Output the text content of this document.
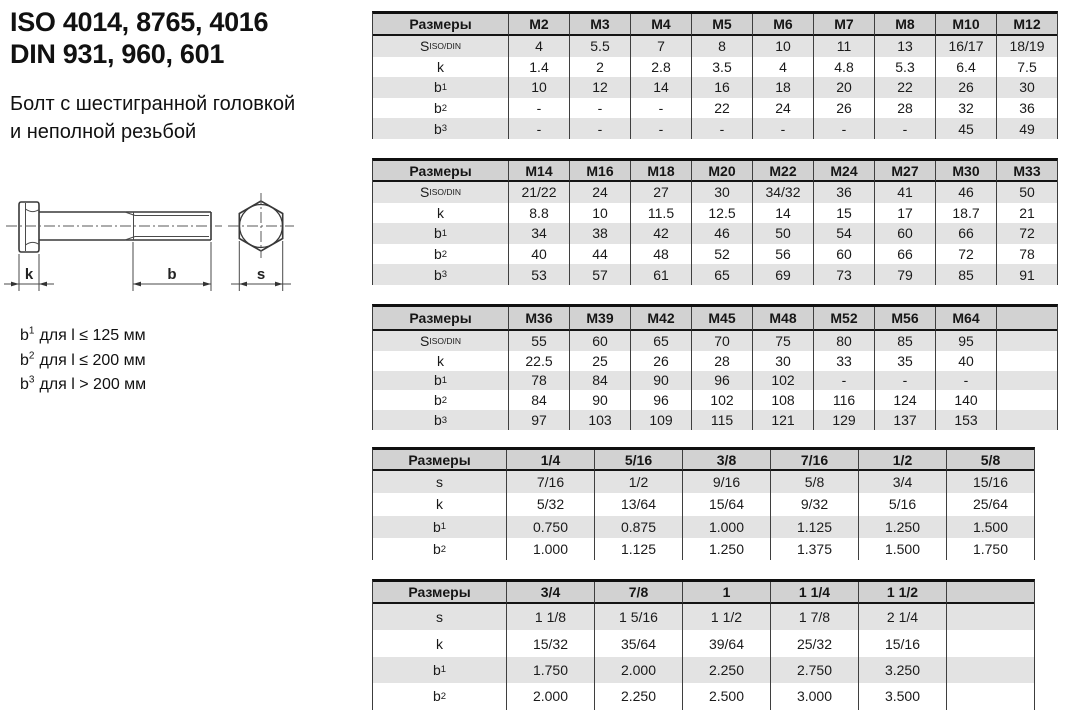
ISO 4014, 8765, 4016
DIN 931, 960, 601
Болт с шестигранной головкой
и неполной резьбой
k	b	s
$b^1$ для l ≤ 125 мм
$b^2$ для l ≤ 200 мм
$b^3$ для l > 200 мм
Размеры	M2	M3	M4	M5	M6	M7	M8	M10	M12
S ISO/DIN	4	5.5	7	8	10	11	13	16/17	18/19
k	1.4	2	2.8	3.5	4	4.8	5.3	6.4	7.5
b 1	10	12	14	16	18	20	22	26	30
b 2	-	-	-	22	24	26	28	32	36
b 3	-	-	-	-	-	-	-	45	49
Размеры	M14	M16	M18	M20	M22	M24	M27	M30	M33
S ISO/DIN	21/22	24	27	30	34/32	36	41	46	50
k	8.8	10	11.5	12.5	14	15	17	18.7	21
b 1	34	38	42	46	50	54	60	66	72
b 2	40	44	48	52	56	60	66	72	78
b 3	53	57	61	65	69	73	79	85	91
Размеры	M36	M39	M42	M45	M48	M52	M56	M64
S ISO/DIN	55	60	65	70	75	80	85	95
k	22.5	25	26	28	30	33	35	40
b 1	78	84	90	96	102	-	-	-
b 2	84	90	96	102	108	116	124	140
b 3	97	103	109	115	121	129	137	153
Размеры	1/4	5/16	3/8	7/16	1/2	5/8
s	7/16	1/2	9/16	5/8	3/4	15/16
k	5/32	13/64	15/64	9/32	5/16	25/64
b 1	0.750	0.875	1.000	1.125	1.250	1.500
b 2	1.000	1.125	1.250	1.375	1.500	1.750
Размеры	3/4	7/8	1	1 1/4	1 1/2
s	1 1/8	1 5/16	1 1/2	1 7/8	2 1/4
k	15/32	35/64	39/64	25/32	15/16
b 1	1.750	2.000	2.250	2.750	3.250
b 2	2.000	2.250	2.500	3.000	3.500
